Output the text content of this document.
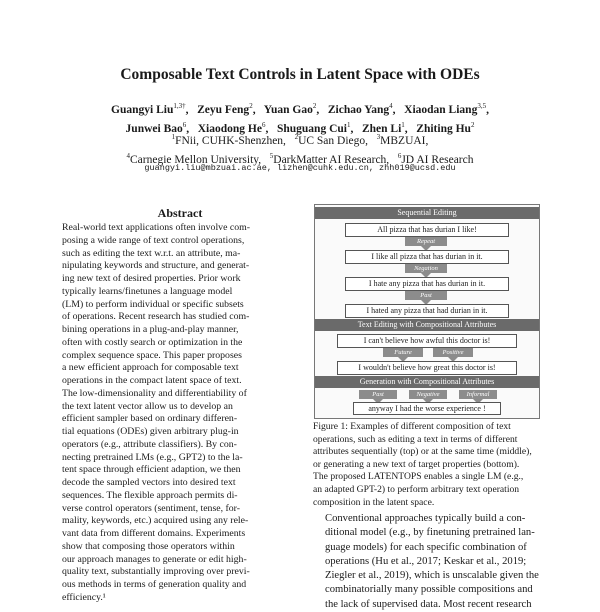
Composable Text Controls in Latent Space with ODEs
Guangyi Liu$^{1,3\dagger}$,   Zeyu Feng$^2$,   Yuan Gao$^2$,   Zichao Yang$^4$,   Xiaodan Liang$^{3,5}$,
Junwei Bao$^6$,   Xiaodong He$^6$,   Shuguang Cui$^1$,   Zhen Li$^1$,   Zhiting Hu$^2$
$^1$FNii, CUHK-Shenzhen, $^2$UC San Diego, $^3$MBZUAI,
$^4$Carnegie Mellon University, $^5$DarkMatter AI Research, $^6$JD AI Research
guangyi.liu@mbzuai.ac.ae, lizhen@cuhk.edu.cn, zhh019@ucsd.edu
Abstract
Real-world text applications often involve com-
posing a wide range of text control operations,
such as editing the text w.r.t. an attribute, ma-
nipulating keywords and structure, and generat-
ing new text of desired properties. Prior work
typically learns/finetunes a language model
(LM) to perform individual or specific subsets
of operations. Recent research has studied com-
bining operations in a plug-and-play manner,
often with costly search or optimization in the
complex sequence space. This paper proposes
a new efficient approach for composable text
operations in the compact latent space of text.
The low-dimensionality and differentiability of
the text latent vector allow us to develop an
efficient sampler based on ordinary differen-
tial equations (ODEs) given arbitrary plug-in
operators (e.g., attribute classifiers). By con-
necting pretrained LMs (e.g., GPT2) to the la-
tent space through efficient adaption, we then
decode the sampled vectors into desired text
sequences. The flexible approach permits di-
verse control operators (sentiment, tense, for-
mality, keywords, etc.) acquired using any rele-
vant data from different domains. Experiments
show that composing those operators within
our approach manages to generate or edit high-
quality text, substantially improving over previ-
ous methods in terms of generation quality and
efficiency.¹
Sequential Editing
All pizza that has durian I like!
Repeat
I like all pizza that has durian in it.
Negation
I hate any pizza that has durian in it.
Past
I hated any pizza that had durian in it.
Text Editing with Compositional Attributes
I can't believe how awful this doctor is!
Future	Positive
I wouldn't believe how great this doctor is!
Generation with Compositional Attributes
Past	Negative	Informal
anyway I had the worse experience !
Figure 1: Examples of different composition of text
operations, such as editing a text in terms of different
attributes sequentially (top) or at the same time (middle),
or generating a new text of target properties (bottom).
The proposed LATENTOPS enables a single LM (e.g.,
an adapted GPT-2) to perform arbitrary text operation
composition in the latent space.
Conventional approaches typically build a con-
ditional model (e.g., by finetuning pretrained lan-
guage models) for each specific combination of
operations (Hu et al., 2017; Keskar et al., 2019;
Ziegler et al., 2019), which is unscalable given the
combinatorially many possible compositions and
the lack of supervised data. Most recent research
